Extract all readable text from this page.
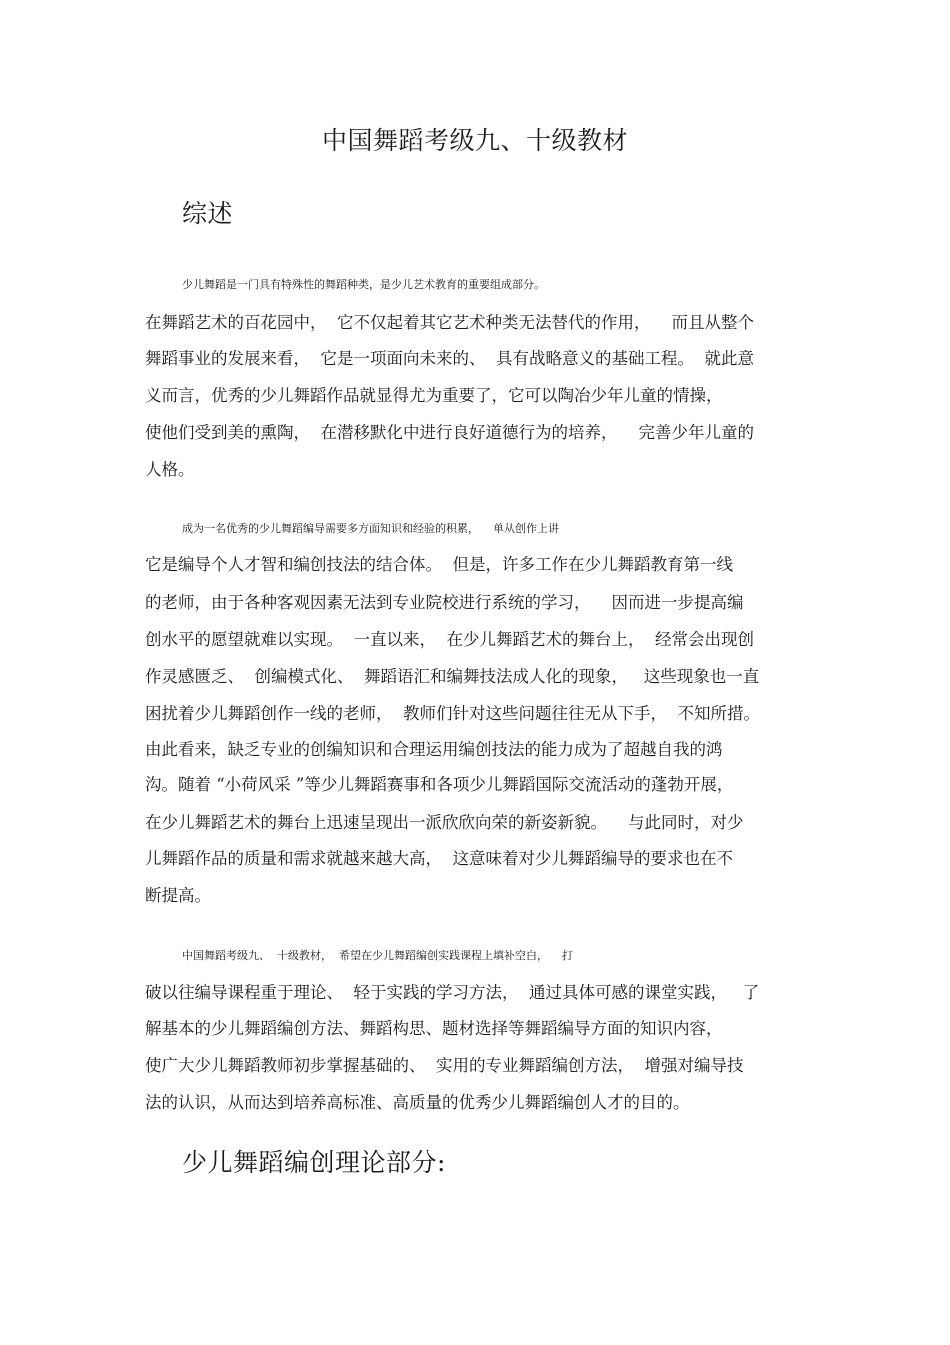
中国舞蹈考级九、十级教材
综述
少儿舞蹈是一门具有特殊性的舞蹈种类，是少儿艺术教育的重要组成部分。
在舞蹈艺术的百花园中，  它不仅起着其它艺术种类无法替代的作用，    而且从整个
舞蹈事业的发展来看，  它是一项面向未来的、  具有战略意义的基础工程。  就此意
义而言，优秀的少儿舞蹈作品就显得尤为重要了，它可以陶冶少年儿童的情操，
使他们受到美的熏陶，  在潜移默化中进行良好道德行为的培养，    完善少年儿童的
人格。
成为一名优秀的少儿舞蹈编导需要多方面知识和经验的积累，    单从创作上讲
它是编导个人才智和编创技法的结合体。  但是，许多工作在少儿舞蹈教育第一线
的老师，由于各种客观因素无法到专业院校进行系统的学习，    因而进一步提高编
创水平的愿望就难以实现。  一直以来，  在少儿舞蹈艺术的舞台上，  经常会出现创
作灵感匮乏、  创编模式化、  舞蹈语汇和编舞技法成人化的现象，   这些现象也一直
困扰着少儿舞蹈创作一线的老师，  教师们针对这些问题往往无从下手，  不知所措。
由此看来，缺乏专业的创编知识和合理运用编创技法的能力成为了超越自我的鸿
沟。随着 “小荷风采 ”等少儿舞蹈赛事和各项少儿舞蹈国际交流活动的蓬勃开展，
在少儿舞蹈艺术的舞台上迅速呈现出一派欣欣向荣的新姿新貌。    与此同时，对少
儿舞蹈作品的质量和需求就越来越大高，  这意味着对少儿舞蹈编导的要求也在不
断提高。
中国舞蹈考级九、  十级教材，  希望在少儿舞蹈编创实践课程上填补空白，    打
破以往编导课程重于理论、  轻于实践的学习方法，  通过具体可感的课堂实践，   了
解基本的少儿舞蹈编创方法、舞蹈构思、题材选择等舞蹈编导方面的知识内容，
使广大少儿舞蹈教师初步掌握基础的、  实用的专业舞蹈编创方法，  增强对编导技
法的认识，从而达到培养高标准、高质量的优秀少儿舞蹈编创人才的目的。
少儿舞蹈编创理论部分:
